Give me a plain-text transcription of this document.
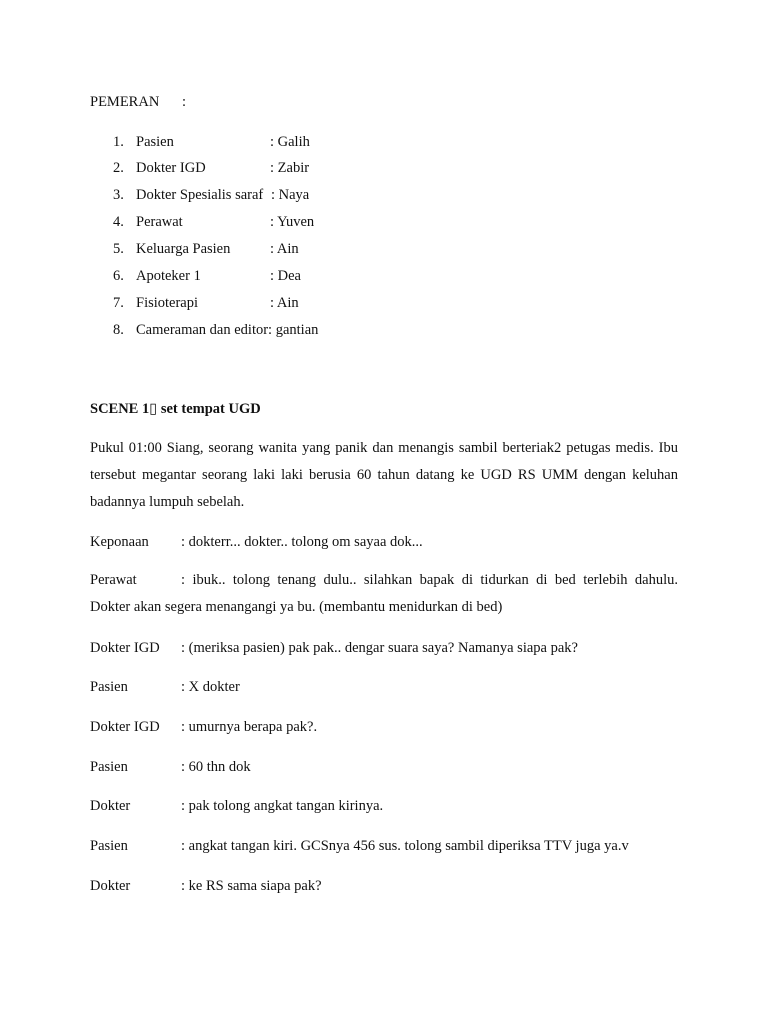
PEMERAN :
1. Pasien	: Galih
2. Dokter IGD	: Zabir
3. Dokter Spesialis saraf : Naya
4. Perawat	: Yuven
5. Keluarga Pasien	: Ain
6. Apoteker 1	: Dea
7. Fisioterapi	: Ain
8. Cameraman dan editor: gantian
SCENE 1▯ set tempat UGD
Pukul 01:00 Siang, seorang wanita yang panik dan menangis sambil berteriak2 petugas medis. Ibu
tersebut megantar seorang laki laki berusia 60 tahun datang ke UGD RS UMM dengan keluhan
badannya lumpuh sebelah.
Keponaan : dokterr... dokter.. tolong om sayaa dok...
Perawat	: ibuk.. tolong tenang dulu.. silahkan bapak di tidurkan di bed terlebih dahulu.
Dokter akan segera menangangi ya bu. (membantu menidurkan di bed)
Dokter IGD : (meriksa pasien) pak pak.. dengar suara saya? Namanya siapa pak?
Pasien	: X dokter
Dokter IGD : umurnya berapa pak?.
Pasien	: 60 thn dok
Dokter	: pak tolong angkat tangan kirinya.
Pasien	: angkat tangan kiri. GCSnya 456 sus. tolong sambil diperiksa TTV juga ya.v
Dokter	: ke RS sama siapa pak?
